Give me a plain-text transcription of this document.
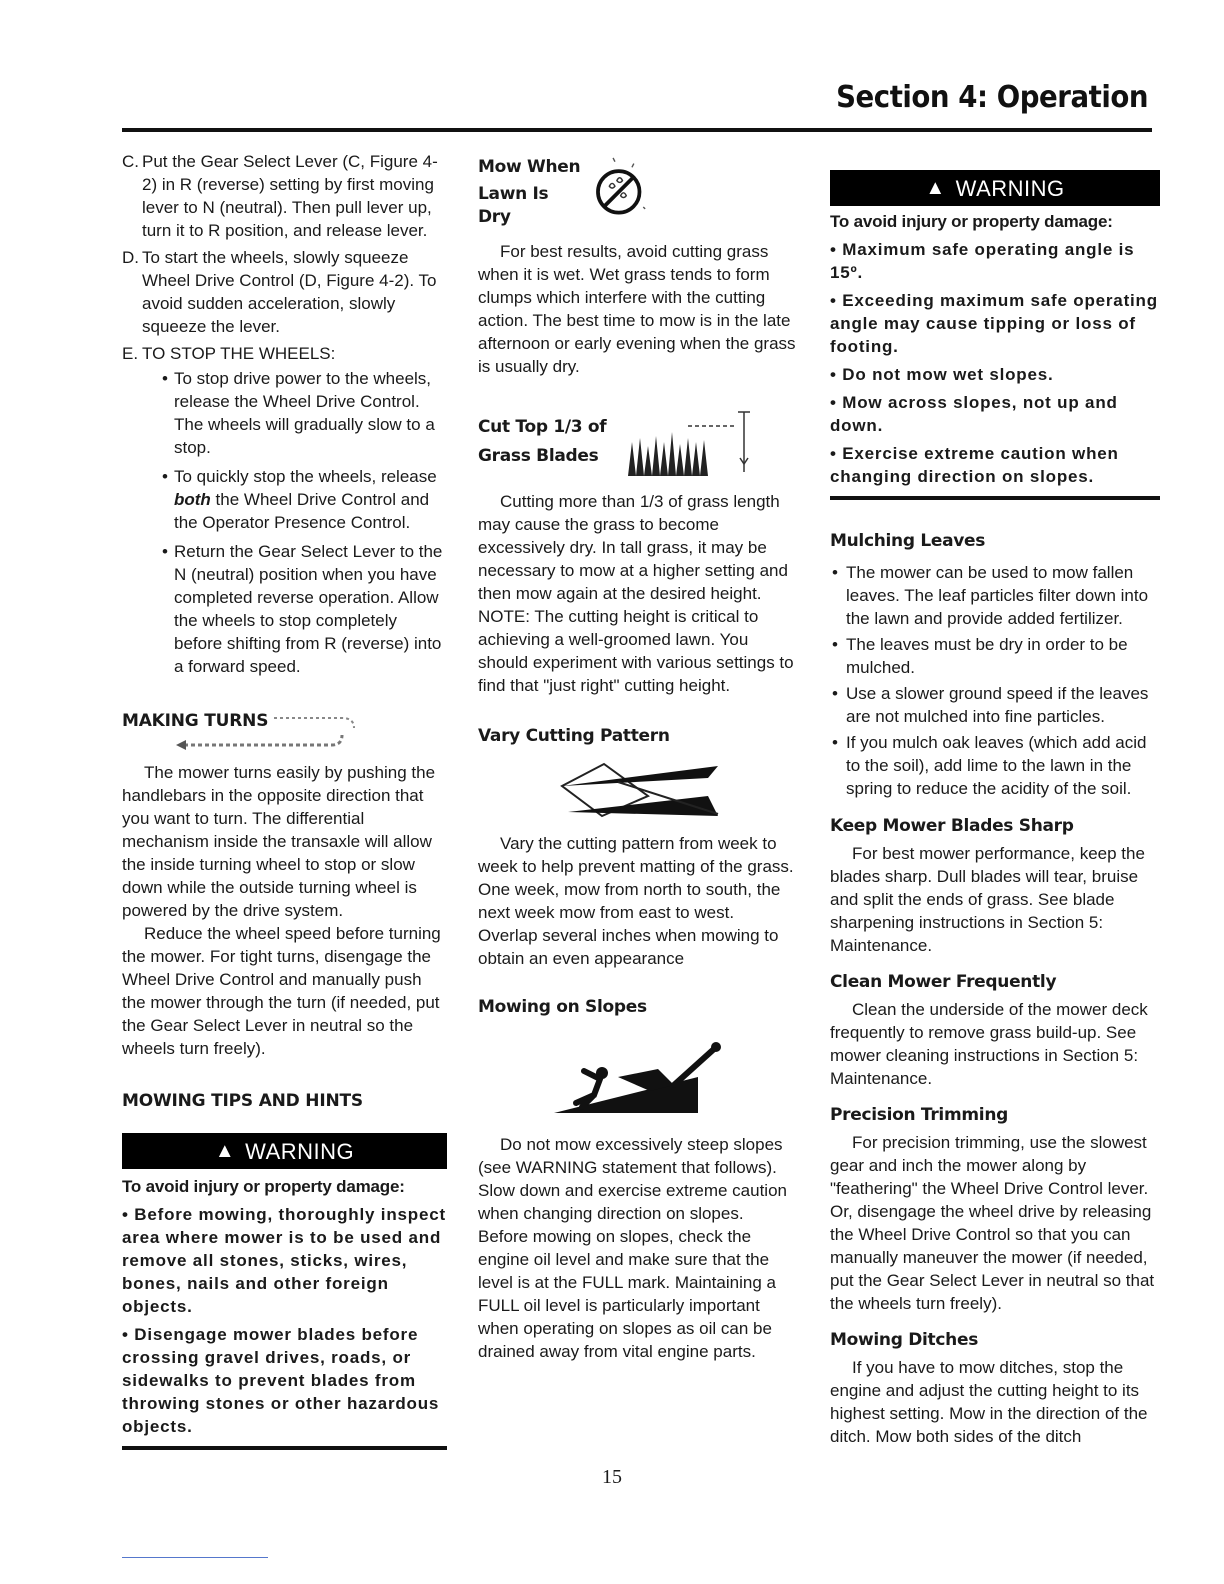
Section 4: Operation
C. Put the Gear Select Lever (C, Figure 4-2) in R (reverse) setting by first moving lever to N (neutral). Then pull lever up, turn it to R position, and release lever.
D. To start the wheels, slowly squeeze Wheel Drive Control (D, Figure 4-2). To avoid sudden acceleration, slowly squeeze the lever.
E. TO STOP THE WHEELS:
• To stop drive power to the wheels, release the Wheel Drive Control. The wheels will gradually slow to a stop.
• To quickly stop the wheels, release both the Wheel Drive Control and the Operator Presence Control.
• Return the Gear Select Lever to the N (neutral) position when you have completed reverse operation. Allow the wheels to stop completely before shifting from R (reverse) into a forward speed.
MAKING TURNS

The mower turns easily by pushing the handlebars in the opposite direction that you want to turn. The differential mechanism inside the transaxle will allow the inside turning wheel to stop or slow down while the outside turning wheel is powered by the drive system.

Reduce the wheel speed before turning the mower. For tight turns, disengage the Wheel Drive Control and manually push the mower through the turn (if needed, put the Gear Select Lever in neutral so the wheels turn freely).

MOWING TIPS AND HINTS
▲ WARNING
To avoid injury or property damage:
• Before mowing, thoroughly inspect area where mower is to be used and remove all stones, sticks, wires, bones, nails and other foreign objects.
• Disengage mower blades before crossing gravel drives, roads, or sidewalks to prevent blades from throwing stones or other hazardous objects.
Mow When
Lawn Is Dry

For best results, avoid cutting grass when it is wet. Wet grass tends to form clumps which interfere with the cutting action. The best time to mow is in the late afternoon or early evening when the grass is usually dry.

Cut Top 1/3 of
Grass Blades

Cutting more than 1/3 of grass length may cause the grass to become excessively dry. In tall grass, it may be necessary to mow at a higher setting and then mow again at the desired height. NOTE: The cutting height is critical to achieving a well-groomed lawn. You should experiment with various settings to find that "just right" cutting height.

Vary Cutting Pattern

Vary the cutting pattern from week to week to help prevent matting of the grass. One week, mow from north to south, the next week mow from east to west. Overlap several inches when mowing to obtain an even appearance

Mowing on Slopes

Do not mow excessively steep slopes (see WARNING statement that follows). Slow down and exercise extreme caution when changing direction on slopes. Before mowing on slopes, check the engine oil level and make sure that the level is at the FULL mark. Maintaining a FULL oil level is particularly important when operating on slopes as oil can be drained away from vital engine parts.

▲ WARNING
To avoid injury or property damage:
• Maximum safe operating angle is 15º.
• Exceeding maximum safe operating angle may cause tipping or loss of footing.
• Do not mow wet slopes.
• Mow across slopes, not up and down.
• Exercise extreme caution when changing direction on slopes.
Mulching Leaves
• The mower can be used to mow fallen leaves. The leaf particles filter down into the lawn and provide added fertilizer.
• The leaves must be dry in order to be mulched.
• Use a slower ground speed if the leaves are not mulched into fine particles.
• If you mulch oak leaves (which add acid to the soil), add lime to the lawn in the spring to reduce the acidity of the soil.
Keep Mower Blades Sharp

For best mower performance, keep the blades sharp. Dull blades will tear, bruise and split the ends of grass. See blade sharpening instructions in Section 5: Maintenance.

Clean Mower Frequently

Clean the underside of the mower deck frequently to remove grass build-up. See mower cleaning instructions in Section 5: Maintenance.

Precision Trimming

For precision trimming, use the slowest gear and inch the mower along by "feathering" the Wheel Drive Control lever. Or, disengage the wheel drive by releasing the Wheel Drive Control so that you can manually maneuver the mower (if needed, put the Gear Select Lever in neutral so that the wheels turn freely).

Mowing Ditches

If you have to mow ditches, stop the engine and adjust the cutting height to its highest setting. Mow in the direction of the ditch. Mow both sides of the ditch

15
